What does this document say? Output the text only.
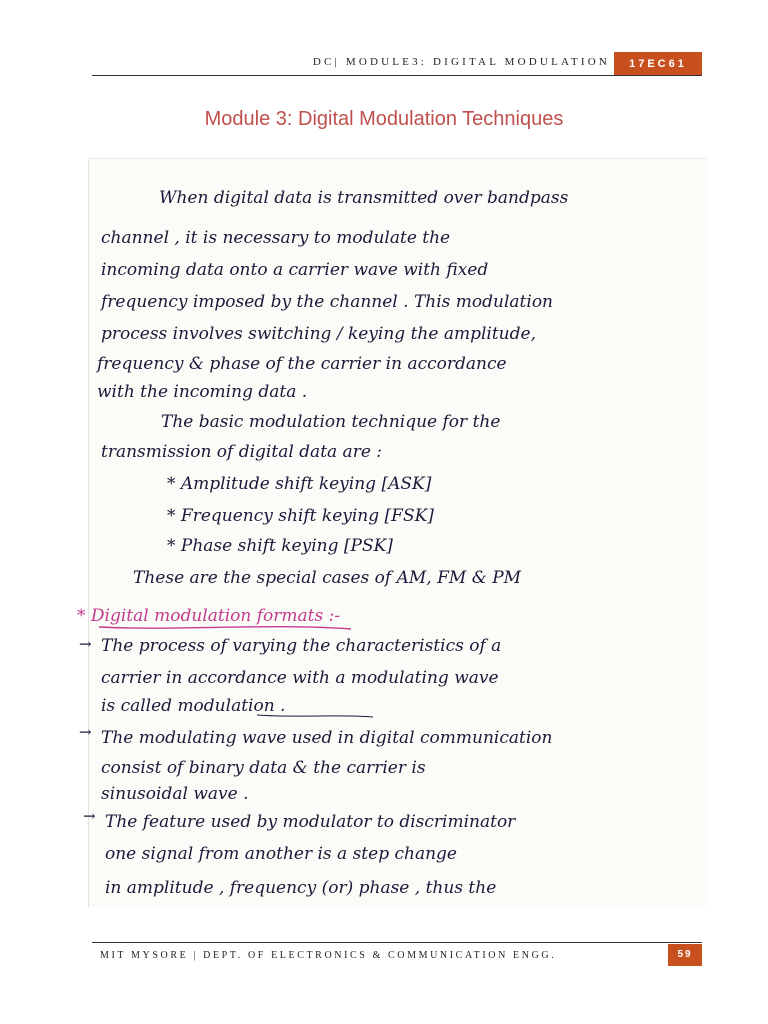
DC| MODULE3: DIGITAL MODULATION	17EC61
Module 3: Digital Modulation Techniques
When digital data is transmitted over bandpass
channel , it is necessary to modulate the
incoming data onto a carrier wave with fixed
frequency imposed by the channel . This modulation
process involves switching / keying the amplitude,
frequency & phase of the carrier in accordance
with the incoming data .
The basic modulation technique for the
transmission of digital data are :
* Amplitude shift keying [ASK]
* Frequency shift keying [FSK]
* Phase shift keying [PSK]
These are the special cases of AM, FM & PM
* Digital modulation formats :-
→ The process of varying the characteristics of a
carrier in accordance with a modulating wave
is called modulation .
→ The modulating wave used in digital communication
consist of binary data & the carrier is
sinusoidal wave .
→ The feature used by modulator to discriminator
one signal from another is a step change
in amplitude , frequency (or) phase , thus the
MIT MYSORE | DEPT. OF ELECTRONICS & COMMUNICATION ENGG.	59
